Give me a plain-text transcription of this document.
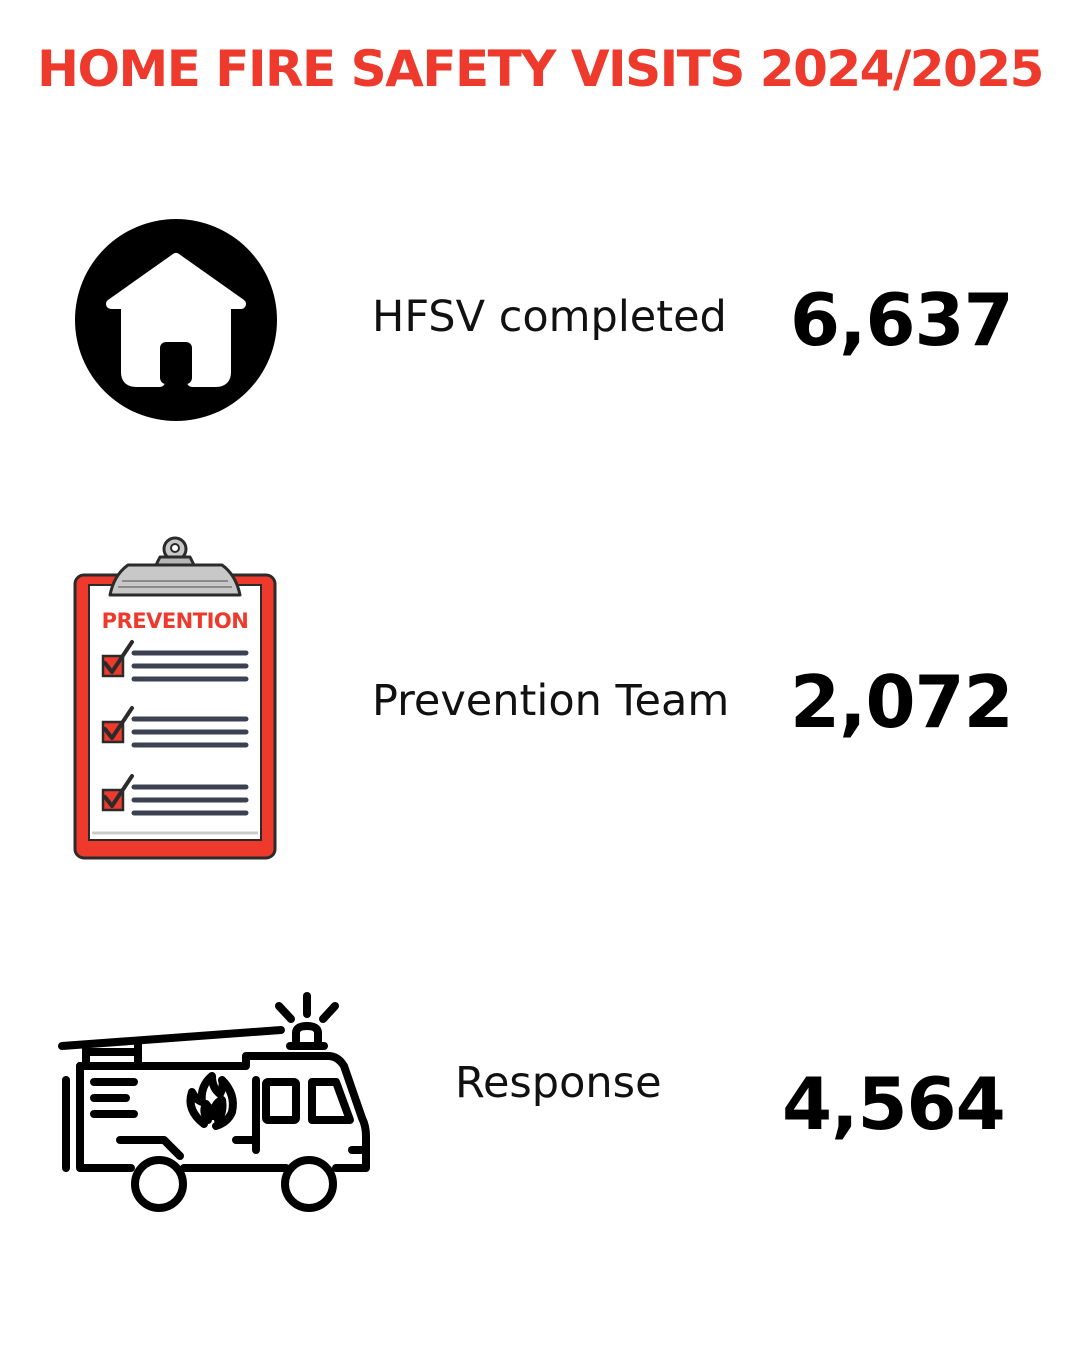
HOME FIRE SAFETY VISITS 2024/2025
HFSV completed 6,637
PREVENTION
Prevention Team 2,072
Response 4,564
